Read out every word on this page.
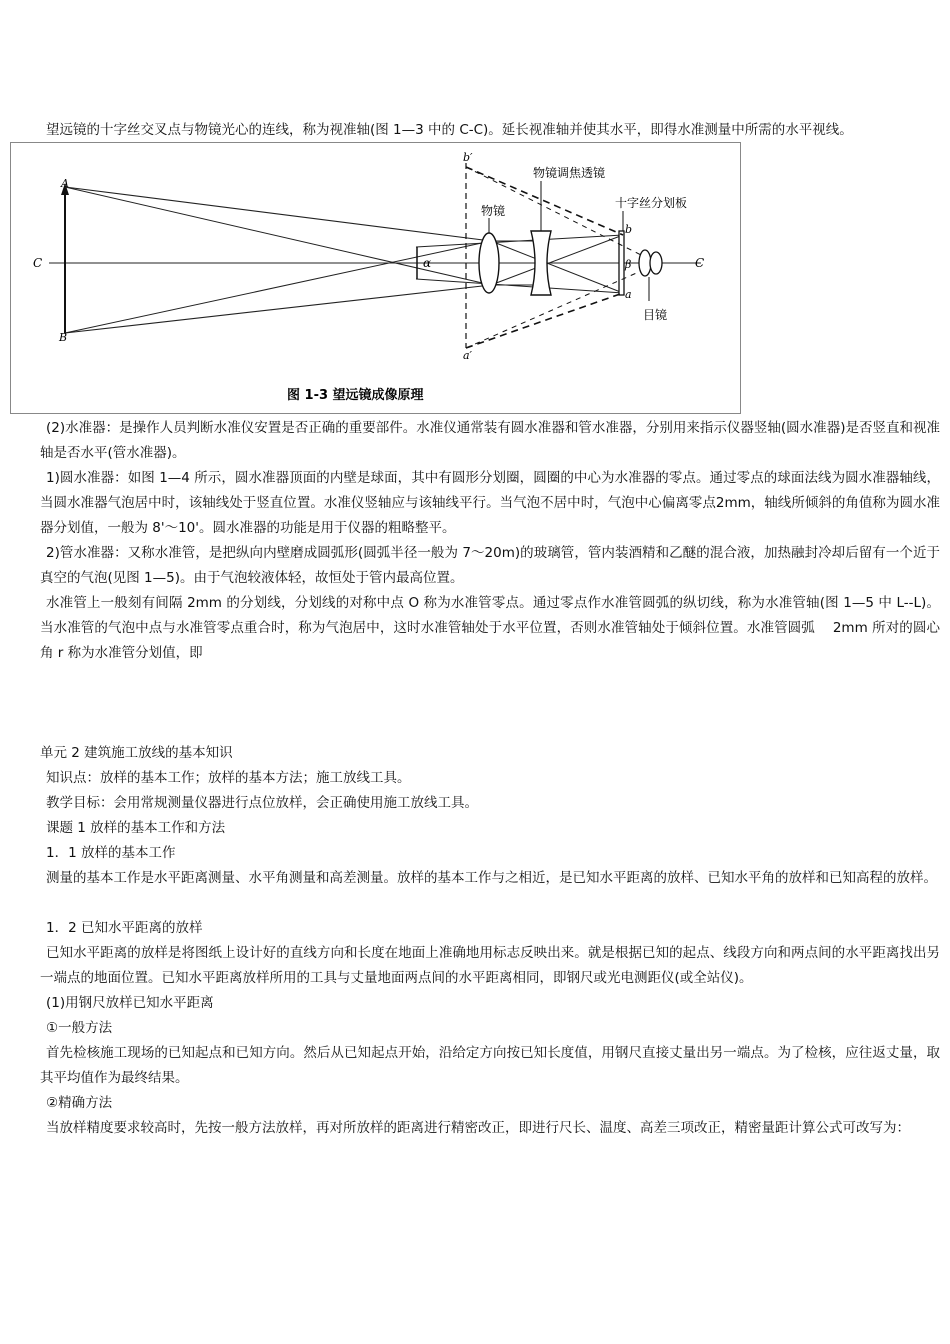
望远镜的十字丝交叉点与物镜光心的连线，称为视准轴(图 1—3 中的 C-C)。延长视准轴并使其水平，即得水准测量中所需的水平视线。

A
B
C	C
α
b
a
β
b′
a′
物镜
物镜调焦透镜
十字丝分划板
目镜
图 1-3 望远镜成像原理

(2)水准器：是操作人员判断水准仪安置是否正确的重要部件。水准仪通常装有圆水准器和管水准器，分别用来指示仪器竖轴(圆水准器)是否竖直和视准轴是否水平(管水准器)。

1)圆水准器：如图 1—4 所示，圆水准器顶面的内壁是球面，其中有圆形分划圈，圆圈的中心为水准器的零点。通过零点的球面法线为圆水准器轴线，当圆水准器气泡居中时，该轴线处于竖直位置。水准仪竖轴应与该轴线平行。当气泡不居中时，气泡中心偏离零点2mm，轴线所倾斜的角值称为圆水准器分划值，一般为 8'～10'。圆水准器的功能是用于仪器的粗略整平。

2)管水准器：又称水准管，是把纵向内壁磨成圆弧形(圆弧半径一般为 7～20m)的玻璃管，管内装酒精和乙醚的混合液，加热融封冷却后留有一个近于真空的气泡(见图 1—5)。由于气泡较液体轻，故恒处于管内最高位置。

水准管上一般刻有间隔 2mm 的分划线，分划线的对称中点 O 称为水准管零点。通过零点作水准管圆弧的纵切线，称为水准管轴(图 1—5 中 L--L)。当水准管的气泡中点与水准管零点重合时，称为气泡居中，这时水准管轴处于水平位置，否则水准管轴处于倾斜位置。水准管圆弧　 2mm 所对的圆心角 r 称为水准管分划值，即

单元 2 建筑施工放线的基本知识

知识点：放样的基本工作；放样的基本方法；施工放线工具。

教学目标：会用常规测量仪器进行点位放样，会正确使用施工放线工具。

课题 1 放样的基本工作和方法

1．1 放样的基本工作

测量的基本工作是水平距离测量、水平角测量和高差测量。放样的基本工作与之相近，是已知水平距离的放样、已知水平角的放样和已知高程的放样。

1．2 已知水平距离的放样

已知水平距离的放样是将图纸上设计好的直线方向和长度在地面上准确地用标志反映出来。就是根据已知的起点、线段方向和两点间的水平距离找出另一端点的地面位置。已知水平距离放样所用的工具与丈量地面两点间的水平距离相同，即钢尺或光电测距仪(或全站仪)。

(1)用钢尺放样已知水平距离

①一般方法

首先检核施工现场的已知起点和已知方向。然后从已知起点开始，沿给定方向按已知长度值，用钢尺直接丈量出另一端点。为了检核，应往返丈量，取其平均值作为最终结果。

②精确方法

当放样精度要求较高时，先按一般方法放样，再对所放样的距离进行精密改正，即进行尺长、温度、高差三项改正，精密量距计算公式可改写为：
